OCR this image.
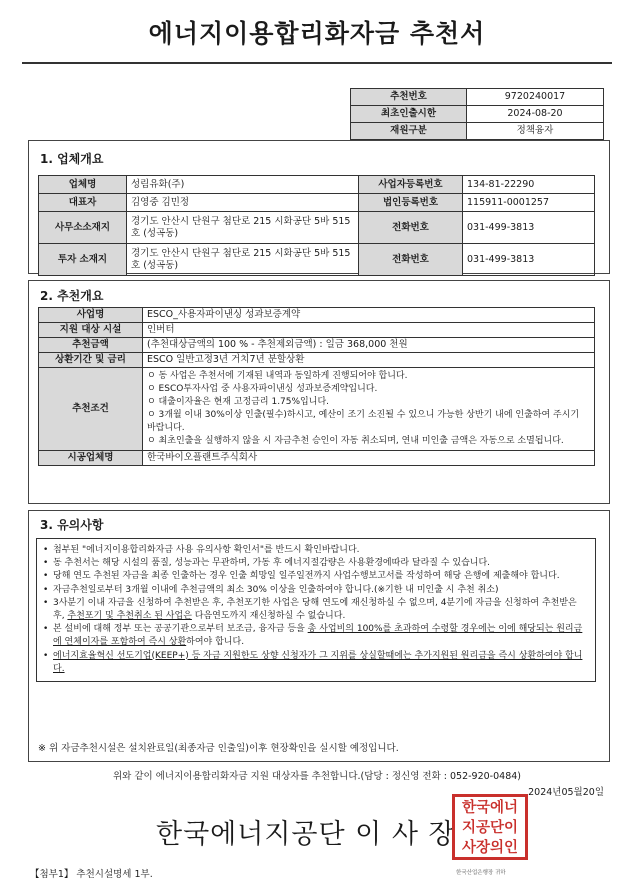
에너지이용합리화자금 추천서
추천번호	9720240017
최초인출시한	2024-08-20
재원구분	정책융자
1. 업체개요
업체명	성림유화(주)	사업자등록번호	134-81-22290
대표자	김영중 김민정	법인등록번호	115911-0001257
사무소소재지	경기도 안산시 단원구 첨단로 215 시화공단 5바 515호 (성곡동)	전화번호	031-499-3813
투자 소재지	경기도 안산시 단원구 첨단로 215 시화공단 5바 515호 (성곡동)	전화번호	031-499-3813
2. 추천개요
사업명	ESCO_사용자파이낸싱 성과보증계약
지원 대상 시설	인버터
추천금액	(추천대상금액의 100 % - 추천제외금액) : 일금 368,000 천원
상환기간 및 금리	ESCO 일반고정3년 거치7년 분할상환
추천조건	ㅇ 동 사업은 추천서에 기재된 내역과 동일하게 진행되어야 합니다.
ㅇ ESCO투자사업 중 사용자파이낸싱 성과보증계약입니다.
ㅇ 대출이자율은 현재 고정금리 1.75%입니다.
ㅇ 3개월 이내 30%이상 인출(필수)하시고, 예산이 조기 소진될 수 있으니 가능한 상반기 내에 인출하여 주시기 바랍니다.
ㅇ 최초인출을 실행하지 않을 시 자금추천 승인이 자동 취소되며, 연내 미인출 금액은 자동으로 소멸됩니다.

시공업체명	한국바이오플랜트주식회사
3. 유의사항
• 첨부된 "에너지이용합리화자금 사용 유의사항 확인서"를 반드시 확인바랍니다.
• 동 추천서는 해당 시설의 품질, 성능과는 무관하며, 가동 후 에너지절감량은 사용환경에따라 달라질 수 있습니다.
• 당해 연도 추천된 자금을 최종 인출하는 경우 인출 희망일 일주일전까지 사업수행보고서를 작성하여 해당 은행에 제출해야 합니다.
• 자금추천일로부터 3개월 이내에 추천금액의 최소 30% 이상을 인출하여야 합니다.(※기한 내 미인출 시 추천 취소)
• 3사분기 이내 자금을 신청하여 추천받은 후, 추천포기한 사업은 당해 연도에 재신청하실 수 없으며, 4분기에 자금을 신청하여 추천받은 후, 추천포기 및 추천취소 된 사업은 다음연도까지 재신청하실 수 없습니다.
• 본 설비에 대해 정부 또는 공공기관으로부터 보조금, 융자금 등을 총 사업비의 100%를 초과하여 수령할 경우에는 이에 해당되는 원리금에 연체이자를 포함하여 즉시 상환하여야 합니다.
• 에너지효율혁신 선도기업(KEEP+) 등 자금 지원한도 상향 신청자가 그 지위를 상실할때에는 추가지원된 원리금을 즉시 상환하여야 합니다.
※ 위 자금추천시설은 설치완료일(최종자금 인출일)이후 현장확인을 실시할 예정입니다.
위와 같이 에너지이용합리화자금 지원 대상자를 추천합니다.(담당 : 정신영 전화 : 052-920-0484)
2024년05월20일
한국에너지공단 이 사 장
한국에너
지공단이
사장의인
한국산업은행장 귀하
【첨부1】 추천시설명세 1부.
